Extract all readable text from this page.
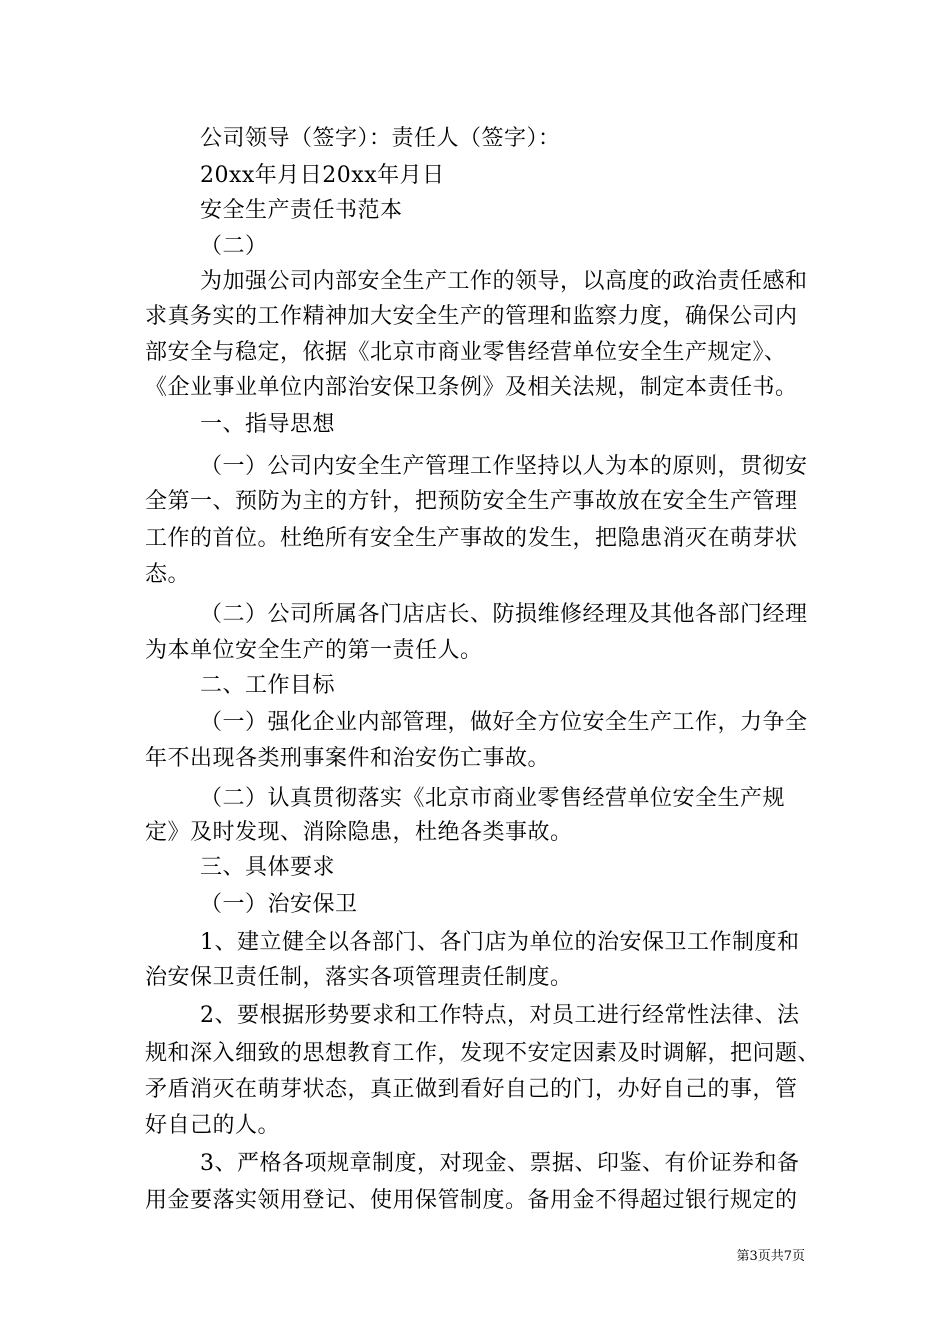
公司领导（签字）：责任人（签字）：
20xx年月日20xx年月日
安全生产责任书范本
（二）
为加强公司内部安全生产工作的领导，以高度的政治责任感和
求真务实的工作精神加大安全生产的管理和监察力度，确保公司内
部安全与稳定，依据《北京市商业零售经营单位安全生产规定》、
《企业事业单位内部治安保卫条例》及相关法规，制定本责任书。
一、指导思想
（一）公司内安全生产管理工作坚持以人为本的原则，贯彻安
全第一、预防为主的方针，把预防安全生产事故放在安全生产管理
工作的首位。杜绝所有安全生产事故的发生，把隐患消灭在萌芽状
态。
（二）公司所属各门店店长、防损维修经理及其他各部门经理
为本单位安全生产的第一责任人。
二、工作目标
（一）强化企业内部管理，做好全方位安全生产工作，力争全
年不出现各类刑事案件和治安伤亡事故。
（二）认真贯彻落实《北京市商业零售经营单位安全生产规
定》及时发现、消除隐患，杜绝各类事故。
三、具体要求
（一）治安保卫
1、建立健全以各部门、各门店为单位的治安保卫工作制度和
治安保卫责任制，落实各项管理责任制度。
2、要根据形势要求和工作特点，对员工进行经常性法律、法
规和深入细致的思想教育工作，发现不安定因素及时调解，把问题、
矛盾消灭在萌芽状态，真正做到看好自己的门，办好自己的事，管
好自己的人。
3、严格各项规章制度，对现金、票据、印鉴、有价证券和备
用金要落实领用登记、使用保管制度。备用金不得超过银行规定的
第3页共7页
